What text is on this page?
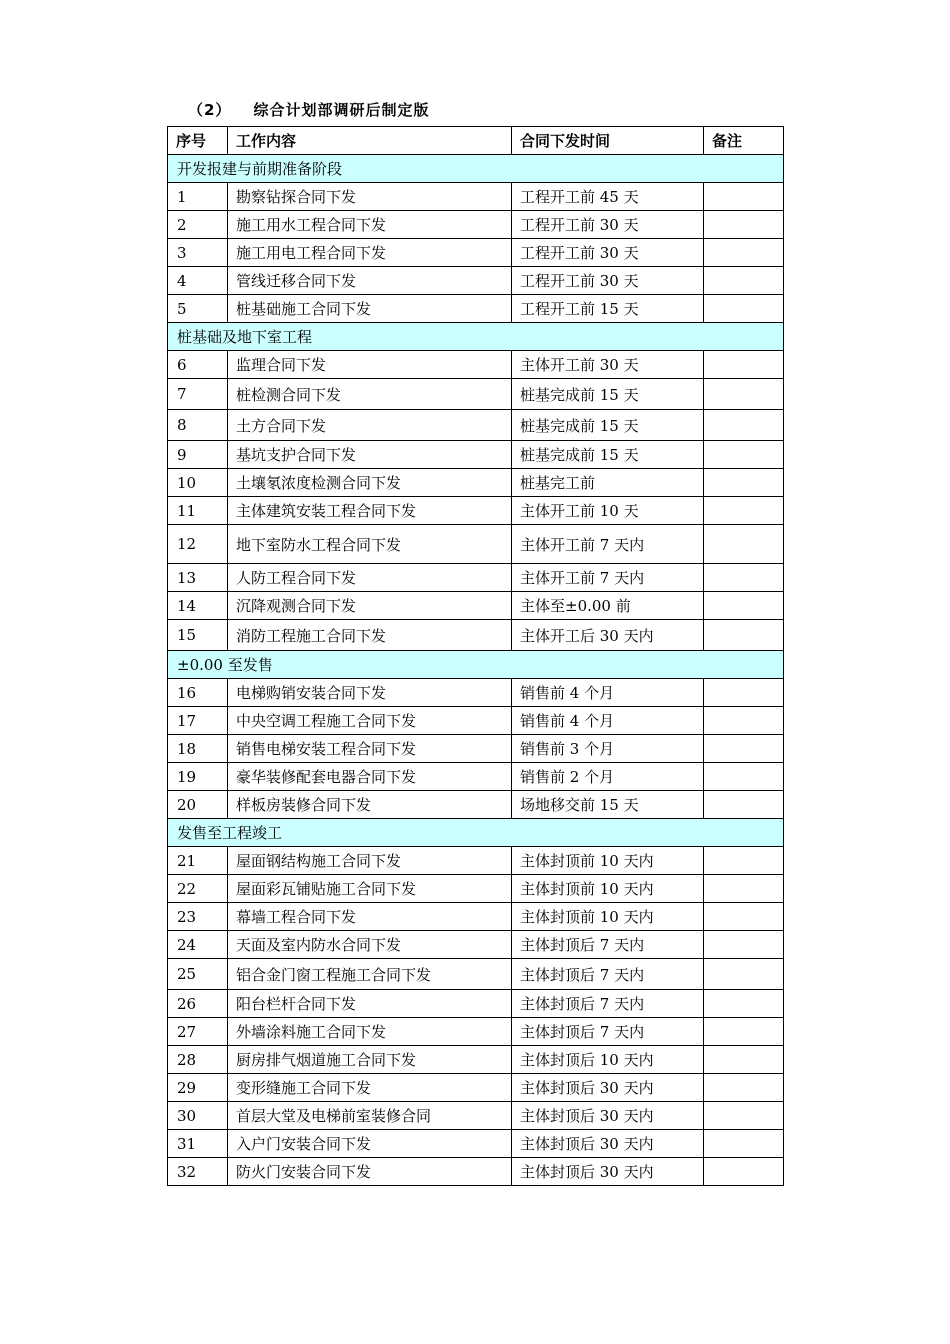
（2） 综合计划部调研后制定版
序号	工作内容	合同下发时间	备注
开发报建与前期准备阶段			
1	勘察钻探合同下发	工程开工前 45 天	
2	施工用水工程合同下发	工程开工前 30 天	
3	施工用电工程合同下发	工程开工前 30 天	
4	管线迁移合同下发	工程开工前 30 天	
5	桩基础施工合同下发	工程开工前 15 天	
桩基础及地下室工程			
6	监理合同下发	主体开工前 30 天	
7	桩检测合同下发	桩基完成前 15 天	
8	土方合同下发	桩基完成前 15 天	
9	基坑支护合同下发	桩基完成前 15 天	
10	土壤氡浓度检测合同下发	桩基完工前	
11	主体建筑安装工程合同下发	主体开工前 10 天	
12	地下室防水工程合同下发	主体开工前 7 天内	
13	人防工程合同下发	主体开工前 7 天内	
14	沉降观测合同下发	主体至±0.00 前	
15	消防工程施工合同下发	主体开工后 30 天内	
±0.00 至发售			
16	电梯购销安装合同下发	销售前 4 个月	
17	中央空调工程施工合同下发	销售前 4 个月	
18	销售电梯安装工程合同下发	销售前 3 个月	
19	豪华装修配套电器合同下发	销售前 2 个月	
20	样板房装修合同下发	场地移交前 15 天	
发售至工程竣工			
21	屋面钢结构施工合同下发	主体封顶前 10 天内	
22	屋面彩瓦铺贴施工合同下发	主体封顶前 10 天内	
23	幕墙工程合同下发	主体封顶前 10 天内	
24	天面及室内防水合同下发	主体封顶后 7 天内	
25	铝合金门窗工程施工合同下发	主体封顶后 7 天内	
26	阳台栏杆合同下发	主体封顶后 7 天内	
27	外墙涂料施工合同下发	主体封顶后 7 天内	
28	厨房排气烟道施工合同下发	主体封顶后 10 天内	
29	变形缝施工合同下发	主体封顶后 30 天内	
30	首层大堂及电梯前室装修合同	主体封顶后 30 天内	
31	入户门安装合同下发	主体封顶后 30 天内	
32	防火门安装合同下发	主体封顶后 30 天内	
